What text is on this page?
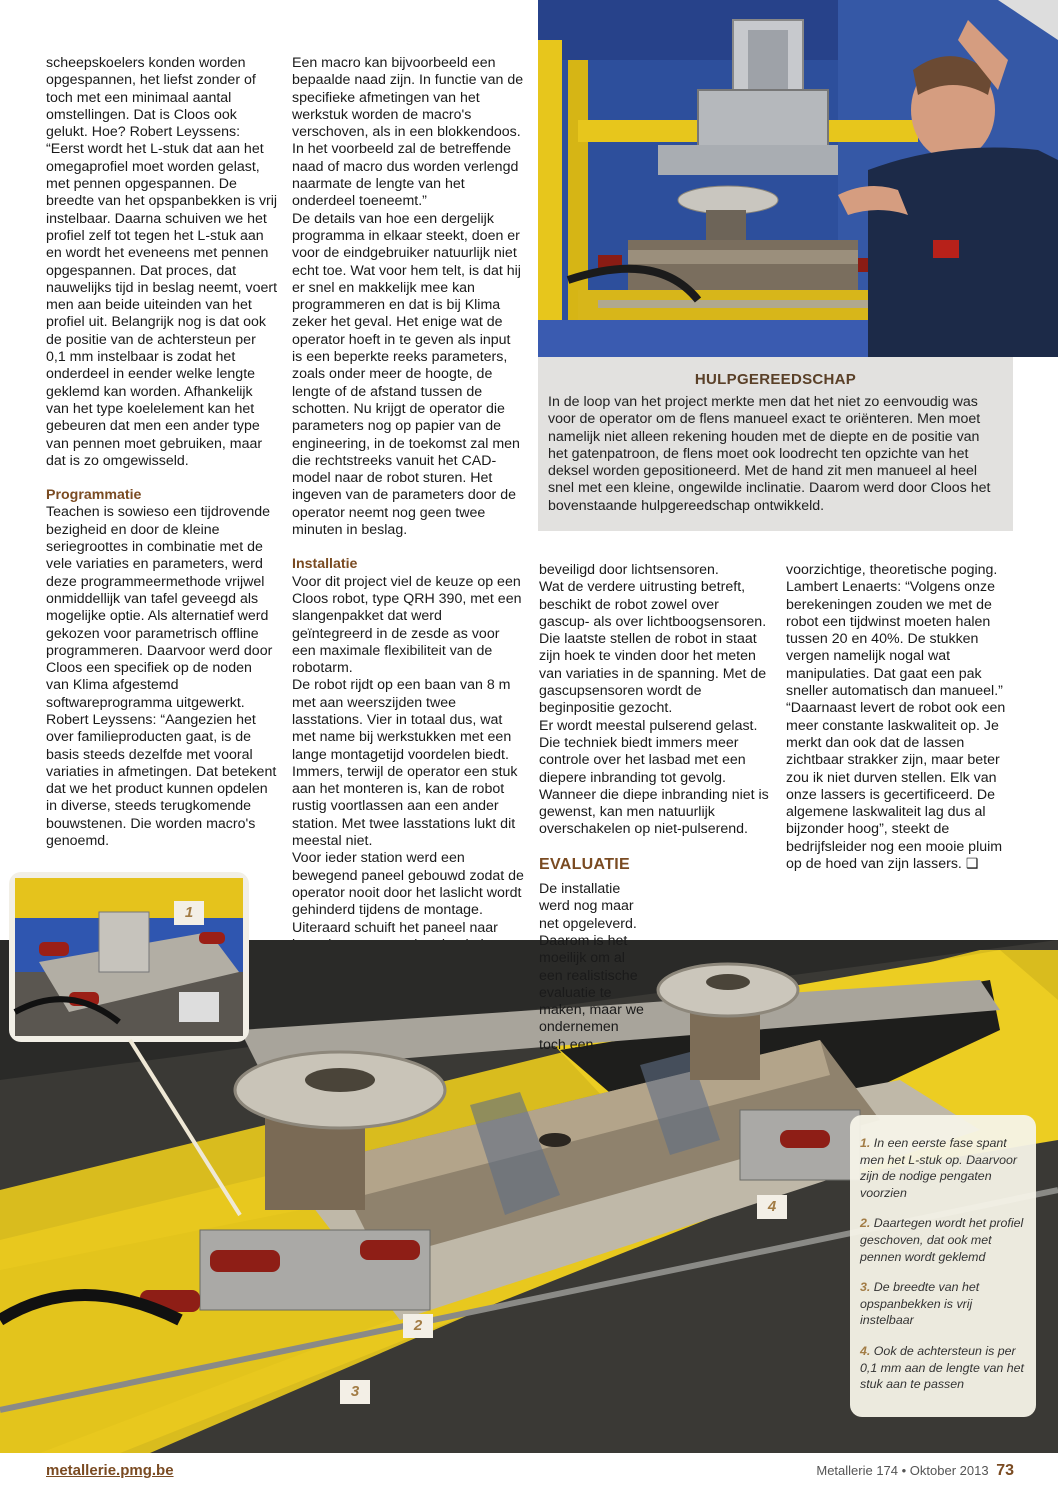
scheepskoelers konden worden opgespannen, het liefst zonder of toch met een minimaal aantal omstellingen. Dat is Cloos ook gelukt. Hoe? Robert Leyssens: “Eerst wordt het L-stuk dat aan het omegaprofiel moet worden gelast, met pennen opgespannen. De breedte van het opspanbekken is vrij instelbaar. Daarna schuiven we het profiel zelf tot tegen het L-stuk aan en wordt het eveneens met pennen opgespannen. Dat proces, dat nauwelijks tijd in beslag neemt, voert men aan beide uiteinden van het profiel uit. Belangrijk nog is dat ook de positie van de achtersteun per 0,1 mm instelbaar is zodat het onderdeel in eender welke lengte geklemd kan worden. Afhankelijk van het type koelelement kan het gebeuren dat men een ander type van pennen moet gebruiken, maar dat is zo omgewisseld.

Programmatie

Teachen is sowieso een tijdrovende bezigheid en door de kleine seriegroottes in combinatie met de vele variaties en parameters, werd deze programmeermethode vrijwel onmiddellijk van tafel geveegd als mogelijke optie. Als alternatief werd gekozen voor parametrisch offline programmeren. Daarvoor werd door Cloos een specifiek op de noden van Klima afgestemd softwareprogramma uitgewerkt. Robert Leyssens: “Aangezien het over familieproducten gaat, is de basis steeds dezelfde met vooral variaties in afmetingen. Dat betekent dat we het product kunnen opdelen in diverse, steeds terugkomende bouwstenen. Die worden macro's genoemd.

Een macro kan bijvoorbeeld een bepaalde naad zijn. In functie van de specifieke afmetingen van het werkstuk worden de macro's verschoven, als in een blokkendoos. In het voorbeeld zal de betreffende naad of macro dus worden verlengd naarmate de lengte van het onderdeel toeneemt.”

De details van hoe een dergelijk programma in elkaar steekt, doen er voor de eindgebruiker natuurlijk niet echt toe. Wat voor hem telt, is dat hij er snel en makkelijk mee kan programmeren en dat is bij Klima zeker het geval. Het enige wat de operator hoeft in te geven als input is een beperkte reeks parameters, zoals onder meer de hoogte, de lengte of de afstand tussen de schotten. Nu krijgt de operator die parameters nog op papier van de engineering, in de toekomst zal men die rechtstreeks vanuit het CAD-model naar de robot sturen. Het ingeven van de parameters door de operator neemt nog geen twee minuten in beslag.

Installatie

Voor dit project viel de keuze op een Cloos robot, type QRH 390, met een slangenpakket dat werd geïntegreerd in de zesde as voor een maximale flexibiliteit van de robotarm.

De robot rijdt op een baan van 8 m met aan weerszijden twee lasstations. Vier in totaal dus, wat met name bij werkstukken met een lange montagetijd voordelen biedt. Immers, terwijl de operator een stuk aan het monteren is, kan de robot rustig voortlassen aan een ander station. Met twee lasstations lukt dit meestal niet.

Voor ieder station werd een bewegend paneel gebouwd zodat de operator nooit door het laslicht wordt gehinderd tijdens de montage. Uiteraard schuift het paneel naar

HULPGEREEDSCHAP

In de loop van het project merkte men dat het niet zo eenvoudig was voor de operator om de flens manueel exact te oriënteren. Men moet namelijk niet alleen rekening houden met de diepte en de positie van het gatenpatroon, de flens moet ook loodrecht ten opzichte van het deksel worden gepositioneerd. Met de hand zit men manueel al heel snel met een kleine, ongewilde inclinatie. Daarom werd door Cloos het bovenstaande hulpgereedschap ontwikkeld.

beveiligd door lichtsensoren.

Wat de verdere uitrusting betreft, beschikt de robot zowel over gascup- als over lichtboogsensoren. Die laatste stellen de robot in staat zijn hoek te vinden door het meten van variaties in de spanning. Met de gascupsensoren wordt de beginpositie gezocht.

Er wordt meestal pulserend gelast. Die techniek biedt immers meer controle over het lasbad met een diepere inbranding tot gevolg. Wanneer die diepe inbranding niet is gewenst, kan men natuurlijk overschakelen op niet-pulserend.

EVALUATIE

De installatie werd nog maar net opgeleverd. Daarom is het moeilijk om al een realistische evaluatie te maken, maar we ondernemen toch een

voorzichtige, theoretische poging. Lambert Lenaerts: “Volgens onze berekeningen zouden we met de robot een tijdwinst moeten halen tussen 20 en 40%. De stukken vergen namelijk nogal wat manipulaties. Dat gaat een pak sneller automatisch dan manueel.”

“Daarnaast levert de robot ook een meer constante laskwaliteit op. Je merkt dan ook dat de lassen zichtbaar strakker zijn, maar beter zou ik niet durven stellen. Elk van onze lassers is gecertificeerd. De algemene laskwaliteit lag dus al bijzonder hoog”, steekt de bedrijfsleider nog een mooie pluim op de hoed van zijn lassers. ❑

1
2
3
4

1. In een eerste fase spant men het L-stuk op. Daarvoor zijn de nodige pengaten voorzien

2. Daartegen wordt het profiel geschoven, dat ook met pennen wordt geklemd

3. De breedte van het opspanbekken is vrij instelbaar

4. Ook de achtersteun is per 0,1 mm aan de lengte van het stuk aan te passen

metallerie.pmg.be	Metallerie 174 • Oktober 2013 73
